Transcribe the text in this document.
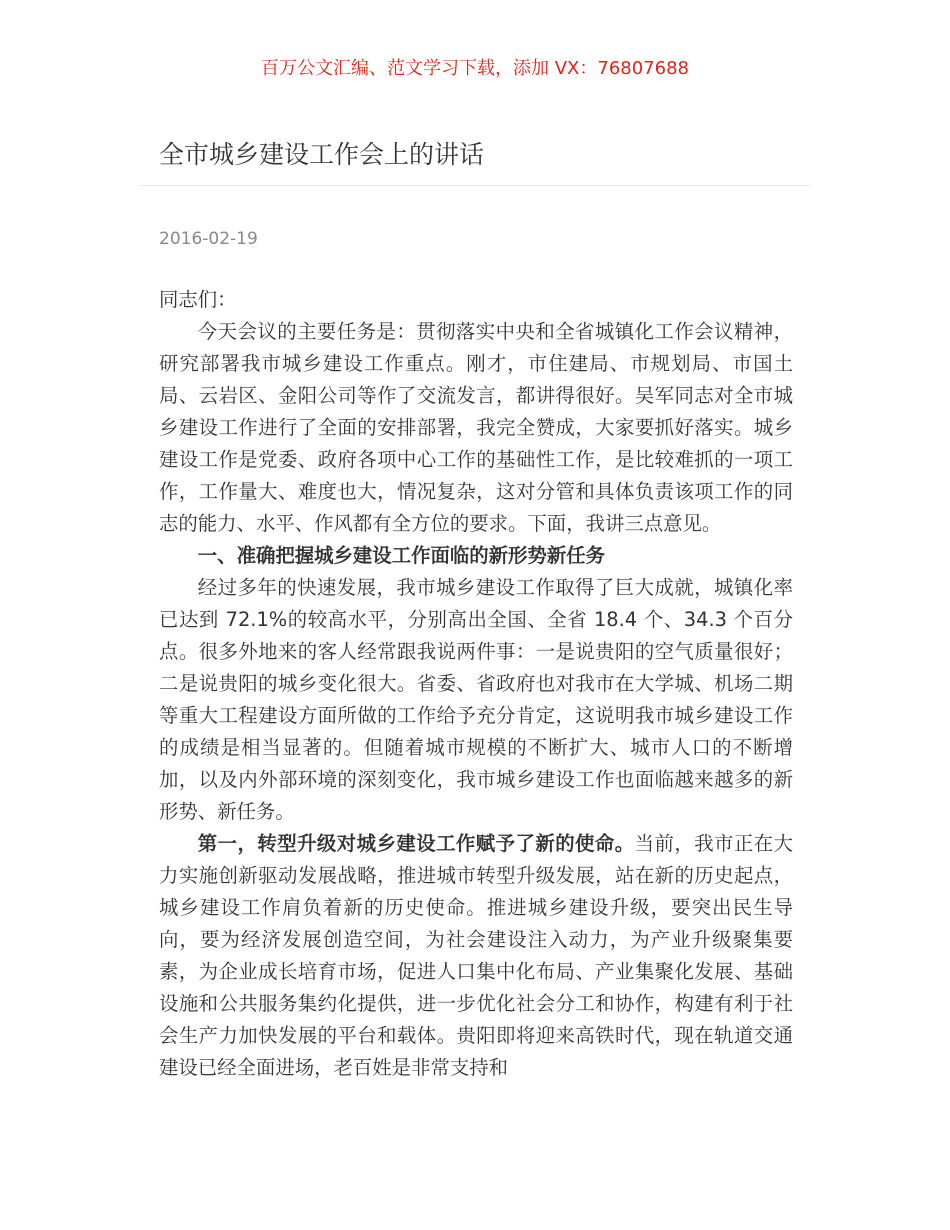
百万公文汇编、范文学习下载，添加 VX：76807688
全市城乡建设工作会上的讲话
2016-02-19

同志们：

今天会议的主要任务是：贯彻落实中央和全省城镇化工作会议精神，研究部署我市城乡建设工作重点。刚才，市住建局、市规划局、市国土局、云岩区、金阳公司等作了交流发言，都讲得很好。吴军同志对全市城乡建设工作进行了全面的安排部署，我完全赞成，大家要抓好落实。城乡建设工作是党委、政府各项中心工作的基础性工作，是比较难抓的一项工作，工作量大、难度也大，情况复杂，这对分管和具体负责该项工作的同志的能力、水平、作风都有全方位的要求。下面，我讲三点意见。

一、准确把握城乡建设工作面临的新形势新任务

经过多年的快速发展，我市城乡建设工作取得了巨大成就，城镇化率已达到 72.1%的较高水平，分别高出全国、全省 18.4 个、34.3 个百分点。很多外地来的客人经常跟我说两件事：一是说贵阳的空气质量很好；二是说贵阳的城乡变化很大。省委、省政府也对我市在大学城、机场二期等重大工程建设方面所做的工作给予充分肯定，这说明我市城乡建设工作的成绩是相当显著的。但随着城市规模的不断扩大、城市人口的不断增加，以及内外部环境的深刻变化，我市城乡建设工作也面临越来越多的新形势、新任务。

第一，转型升级对城乡建设工作赋予了新的使命。当前，我市正在大力实施创新驱动发展战略，推进城市转型升级发展，站在新的历史起点，城乡建设工作肩负着新的历史使命。推进城乡建设升级，要突出民生导向，要为经济发展创造空间，为社会建设注入动力，为产业升级聚集要素，为企业成长培育市场，促进人口集中化布局、产业集聚化发展、基础设施和公共服务集约化提供，进一步优化社会分工和协作，构建有利于社会生产力加快发展的平台和载体。贵阳即将迎来高铁时代，现在轨道交通建设已经全面进场，老百姓是非常支持和
